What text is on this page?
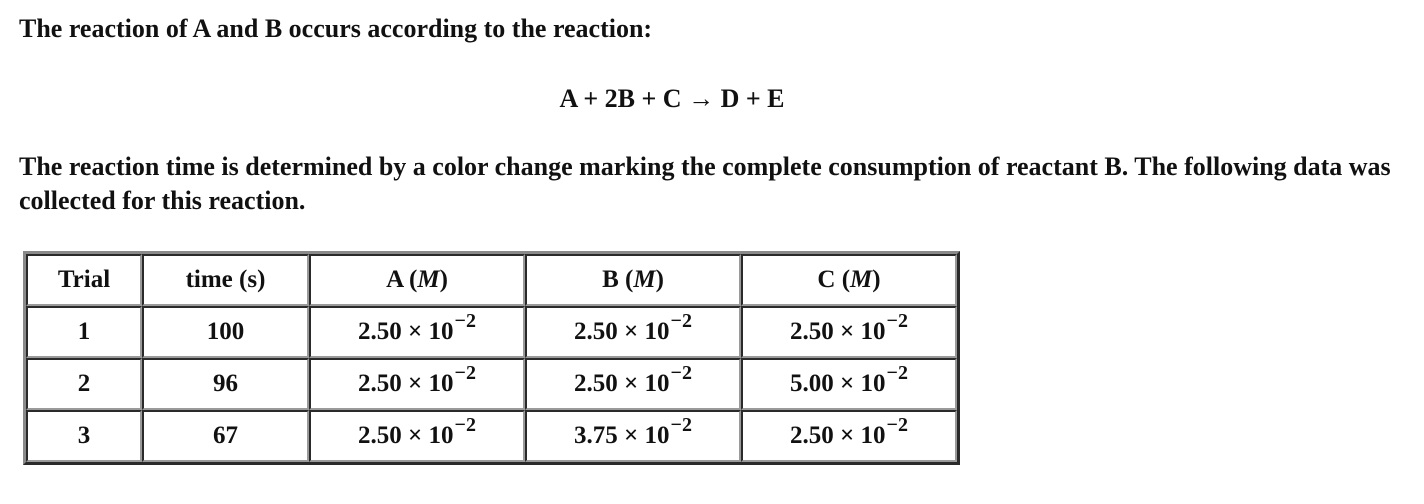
The reaction of A and B occurs according to the reaction:

A + 2B + C → D + E

The reaction time is determined by a color change marking the complete consumption of reactant B. The following data was collected for this reaction.

Trial	time (s)	A (M)	B (M)	C (M)
1	100	$2.50 \times 10^{-2}$	$2.50 \times 10^{-2}$	$2.50 \times 10^{-2}$
2	96	$2.50 \times 10^{-2}$	$2.50 \times 10^{-2}$	$5.00 \times 10^{-2}$
3	67	$2.50 \times 10^{-2}$	$3.75 \times 10^{-2}$	$2.50 \times 10^{-2}$
